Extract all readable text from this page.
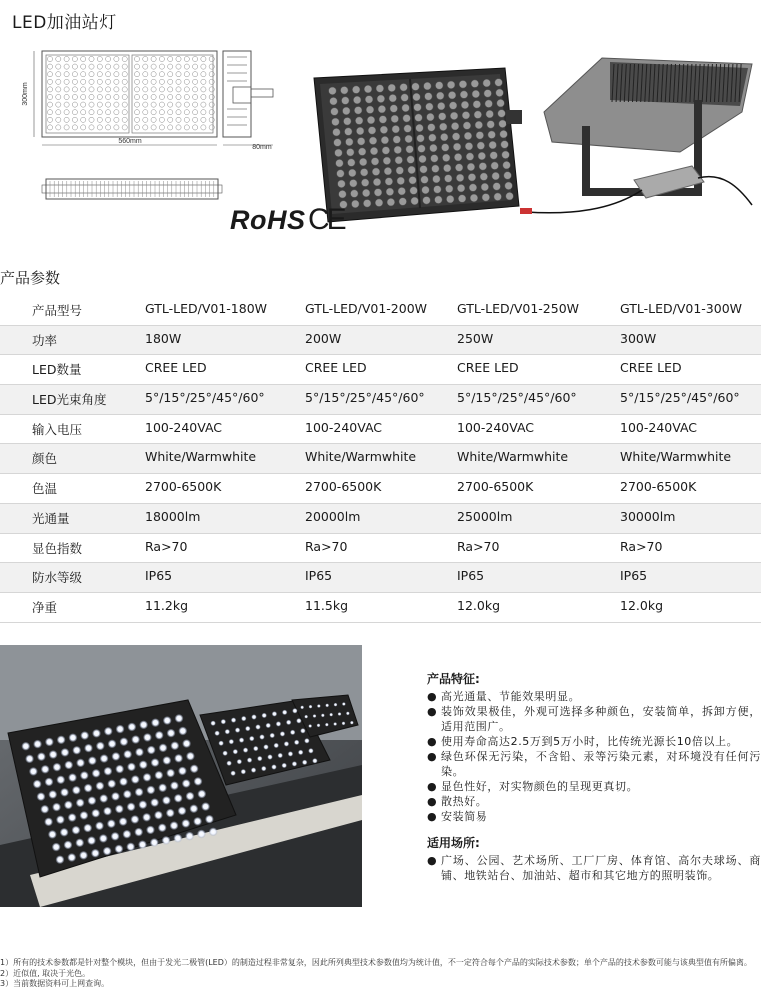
LED加油站灯
300mm
560mm
80mm
RoHS CE
产品参数
产品型号	GTL-LED/V01-180W	GTL-LED/V01-200W GTL-LED/V01-250W	GTL-LED/V01-300W
功率	180W	200W	250W	300W
LED数量	CREE LED	CREE LED	CREE LED	CREE LED
LED光束角度	5°/15°/25°/45°/60°	5°/15°/25°/45°/60°	5°/15°/25°/45°/60°	5°/15°/25°/45°/60°
输入电压	100-240VAC	100-240VAC	100-240VAC	100-240VAC
颜色	White/Warmwhite	White/Warmwhite	White/Warmwhite	White/Warmwhite
色温	2700-6500K	2700-6500K	2700-6500K	2700-6500K
光通量	18000lm	20000lm	25000lm	30000lm
显色指数	Ra>70	Ra>70	Ra>70	Ra>70
防水等级	IP65	IP65	IP65	IP65
净重	11.2kg	11.5kg	12.0kg	12.0kg
产品特征:
● 高光通量、节能效果明显。
● 装饰效果极佳，外观可选择多种颜色，安装简单，拆卸方便，适用范围广。
● 使用寿命高达2.5万到5万小时，比传统光源长10倍以上。
● 绿色环保无污染，不含铅、汞等污染元素，对环境没有任何污染。
● 显色性好，对实物颜色的呈现更真切。
● 散热好。
● 安装简易
适用场所:
● 广场、公园、艺术场所、工厂厂房、体育馆、高尔夫球场、商铺、地铁站台、加油站、超市和其它地方的照明装饰。
1）所有的技术参数都是针对整个模块，但由于发光二极管(LED）的制造过程非常复杂，因此所列典型技术参数值均为统计值，不一定符合每个产品的实际技术参数；单个产品的技术参数可能与该典型值有所偏离。
2）近似值, 取决于光色。
3）当前数据资料可上网查询。
